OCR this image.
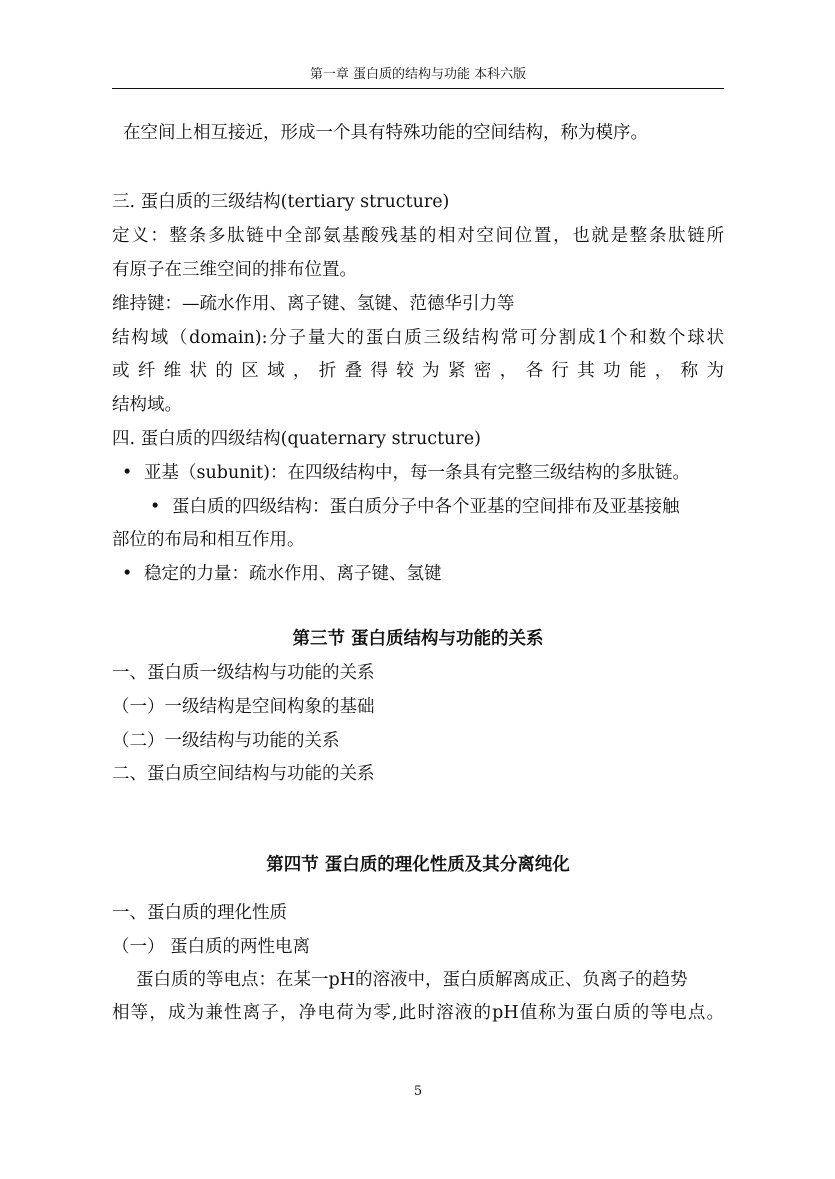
第一章 蛋白质的结构与功能 本科六版
在空间上相互接近，形成一个具有特殊功能的空间结构，称为模序。
三. 蛋白质的三级结构(tertiary structure)
定义：整条多肽链中全部氨基酸残基的相对空间位置，也就是整条肽链所
有原子在三维空间的排布位置。
维持键：—疏水作用、离子键、氢键、范德华引力等
结构域（domain):分子量大的蛋白质三级结构常可分割成1个和数个球状
或纤维状的区域，折叠得较为紧密，各行其功能，称为
结构域。
四. 蛋白质的四级结构(quaternary structure)
• 亚基（subunit)：在四级结构中，每一条具有完整三级结构的多肽链。
• 蛋白质的四级结构：蛋白质分子中各个亚基的空间排布及亚基接触
部位的布局和相互作用。
• 稳定的力量：疏水作用、离子键、氢键
第三节 蛋白质结构与功能的关系
一、蛋白质一级结构与功能的关系
（一）一级结构是空间构象的基础
（二）一级结构与功能的关系
二、蛋白质空间结构与功能的关系
第四节 蛋白质的理化性质及其分离纯化
一、蛋白质的理化性质
（一） 蛋白质的两性电离
蛋白质的等电点：在某一pH的溶液中，蛋白质解离成正、负离子的趋势
相等，成为兼性离子，净电荷为零,此时溶液的pH值称为蛋白质的等电点。
5
